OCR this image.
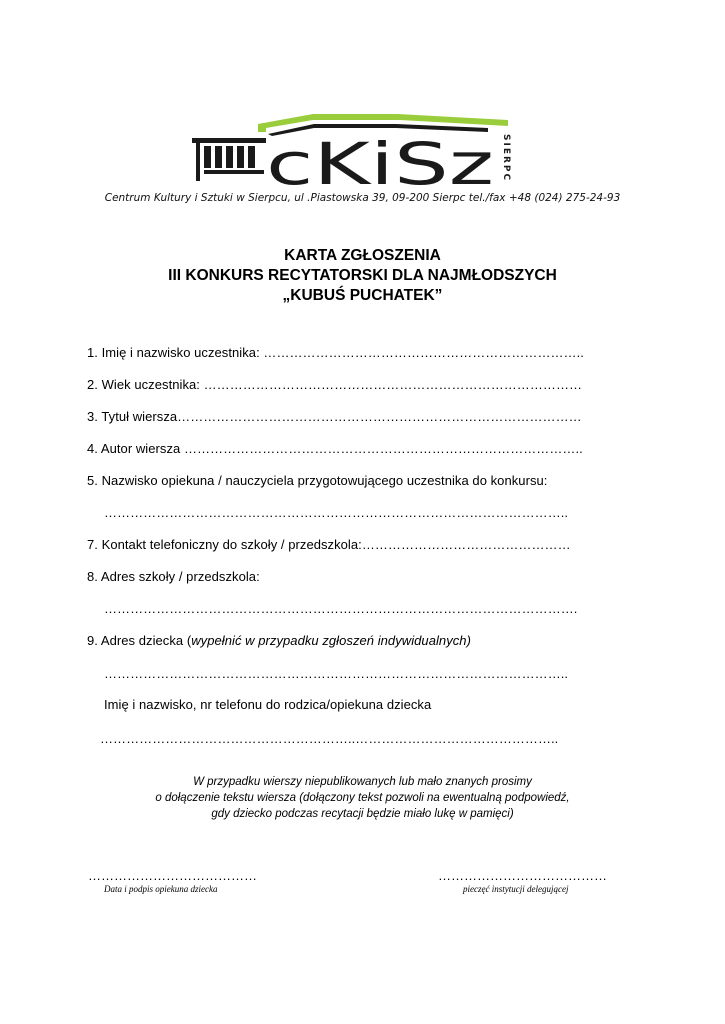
cKiSz SIERPC
Centrum Kultury i Sztuki w Sierpcu, ul .Piastowska 39, 09-200 Sierpc tel./fax +48 (024) 275-24-93
KARTA ZGŁOSZENIA
III KONKURS RECYTATORSKI DLA NAJMŁODSZYCH
„KUBUŚ PUCHATEK”
1. Imię i nazwisko uczestnika: ………………………………………………………………..
2. Wiek uczestnika: ……………………………………………………………………………
3. Tytuł wiersza…………………………………………………………………………………
4. Autor wiersza ………………………………………………………………………………..
5. Nazwisko opiekuna / nauczyciela przygotowującego uczestnika do konkursu:
……………………………………………………………………………………………..
7. Kontakt telefoniczny do szkoły / przedszkola:…………………………………………
8. Adres szkoły / przedszkola:
……………………………………………………………………………………………….
9. Adres dziecka (wypełnić w przypadku zgłoszeń indywidualnych)
……………………………………………………………………………………………..
Imię i nazwisko, nr telefonu do rodzica/opiekuna dziecka
…………………………………………………..………………………………………..
W przypadku wierszy niepublikowanych lub mało znanych prosimy
o dołączenie tekstu wiersza (dołączony tekst pozwoli na ewentualną podpowiedź,
gdy dziecko podczas recytacji będzie miało lukę w pamięci)
…………………………………
Data i podpis opiekuna dziecka
…………………………………
pieczęć instytucji delegującej
